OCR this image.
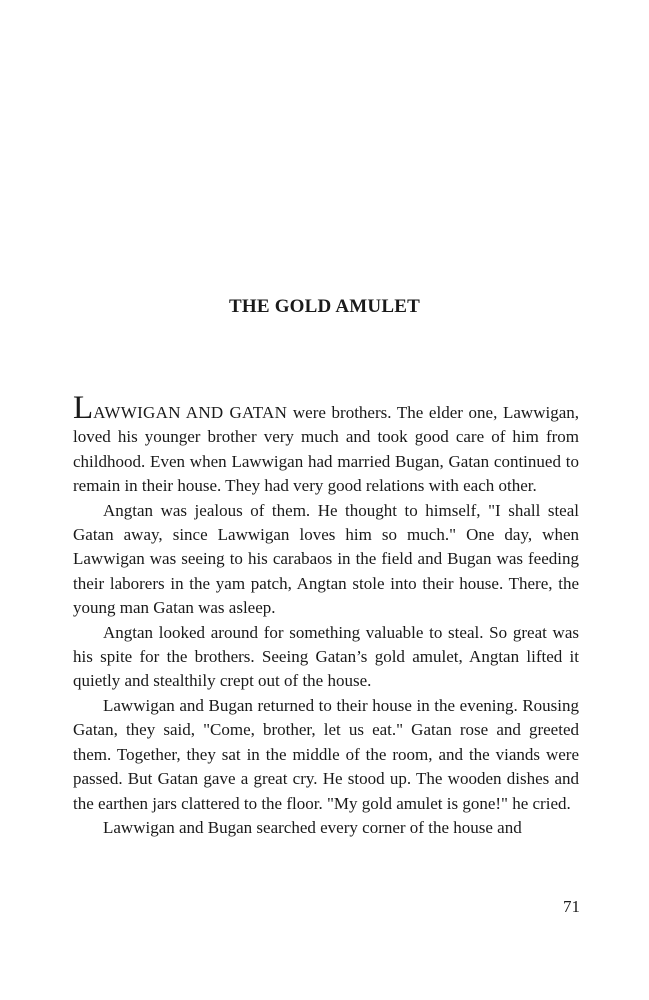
THE GOLD AMULET

LAWWIGAN AND GATAN were brothers. The elder one, Lawwigan, loved his younger brother very much and took good care of him from childhood. Even when Lawwigan had married Bugan, Gatan continued to remain in their house. They had very good relations with each other.

Angtan was jealous of them. He thought to himself, "I shall steal Gatan away, since Lawwigan loves him so much." One day, when Lawwigan was seeing to his carabaos in the field and Bugan was feeding their laborers in the yam patch, Angtan stole into their house. There, the young man Gatan was asleep.

Angtan looked around for something valuable to steal. So great was his spite for the brothers. Seeing Gatan’s gold amulet, Angtan lifted it quietly and stealthily crept out of the house.

Lawwigan and Bugan returned to their house in the evening. Rousing Gatan, they said, "Come, brother, let us eat." Gatan rose and greeted them. Together, they sat in the middle of the room, and the viands were passed. But Gatan gave a great cry. He stood up. The wooden dishes and the earthen jars clattered to the floor. "My gold amulet is gone!" he cried.

Lawwigan and Bugan searched every corner of the house and

71
